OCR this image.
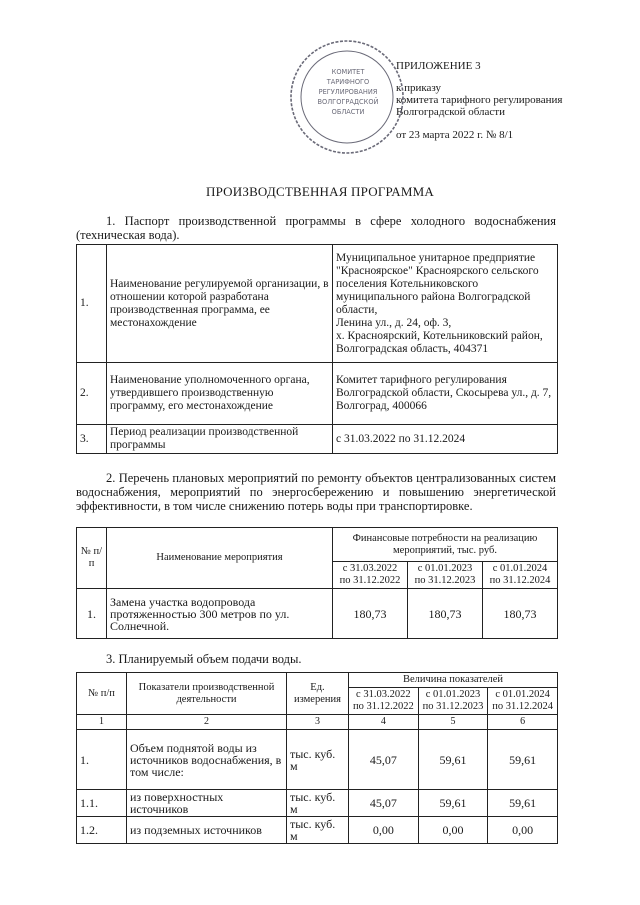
ПРИЛОЖЕНИЕ 3
к приказу
комитета тарифного регулирования
Волгоградской области
от 23 марта 2022 г. № 8/1
КОМИТЕТ
ТАРИФНОГО
РЕГУЛИРОВАНИЯ
ВОЛГОГРАДСКОЙ
ОБЛАСТИ
ПРОИЗВОДСТВЕННАЯ ПРОГРАММА
1. Паспорт производственной программы в сфере холодного водоснабжения (техническая вода).
1.	Наименование регулируемой организации, в отношении которой разработана производственная программа, ее местонахождение	Муниципальное унитарное предприятие "Красноярское" Краснoярского сельского поселения Котельниковского муниципального района Волгоградской области,
Ленина ул., д. 24, оф. 3,
х. Краснoярский, Котельниковский район, Волгоградская область, 404371

2.	Наименование уполномоченного органа, утвердившего производственную программу, его местонахождение	Комитет тарифного регулирования Волгоградской области, Скосырева ул., д. 7, Волгоград, 400066
3.	Период реализации производственной программы	с 31.03.2022 по 31.12.2024
2. Перечень плановых мероприятий по ремонту объектов централизованных систем водоснабжения, мероприятий по энергосбережению и повышению энергетической эффективности, в том числе снижению потерь воды при транспортировке.
№ п/п	Наименование мероприятия	Финансовые потребности на реализацию мероприятий, тыс. руб.		
		с 31.03.2022 по 31.12.2022	с 01.01.2023 по 31.12.2023	с 01.01.2024 по 31.12.2024
1.	Замена участка водопровода протяженностью 300 метров по ул. Солнечной.	180,73	180,73	180,73
3. Планируемый объем подачи воды.
№ п/п	Показатели производственной деятельности	Ед. измерения	Величина показателей		
			с 31.03.2022 по 31.12.2022	с 01.01.2023 по 31.12.2023	с 01.01.2024 по 31.12.2024
1	2	3	4	5	6
1.	Объем поднятой воды из источников водоснабжения, в том числе:	тыс. куб. м	45,07	59,61	59,61
1.1.	из поверхностных источников	тыс. куб. м	45,07	59,61	59,61
1.2.	из подземных источников	тыс. куб. м	0,00	0,00	0,00
